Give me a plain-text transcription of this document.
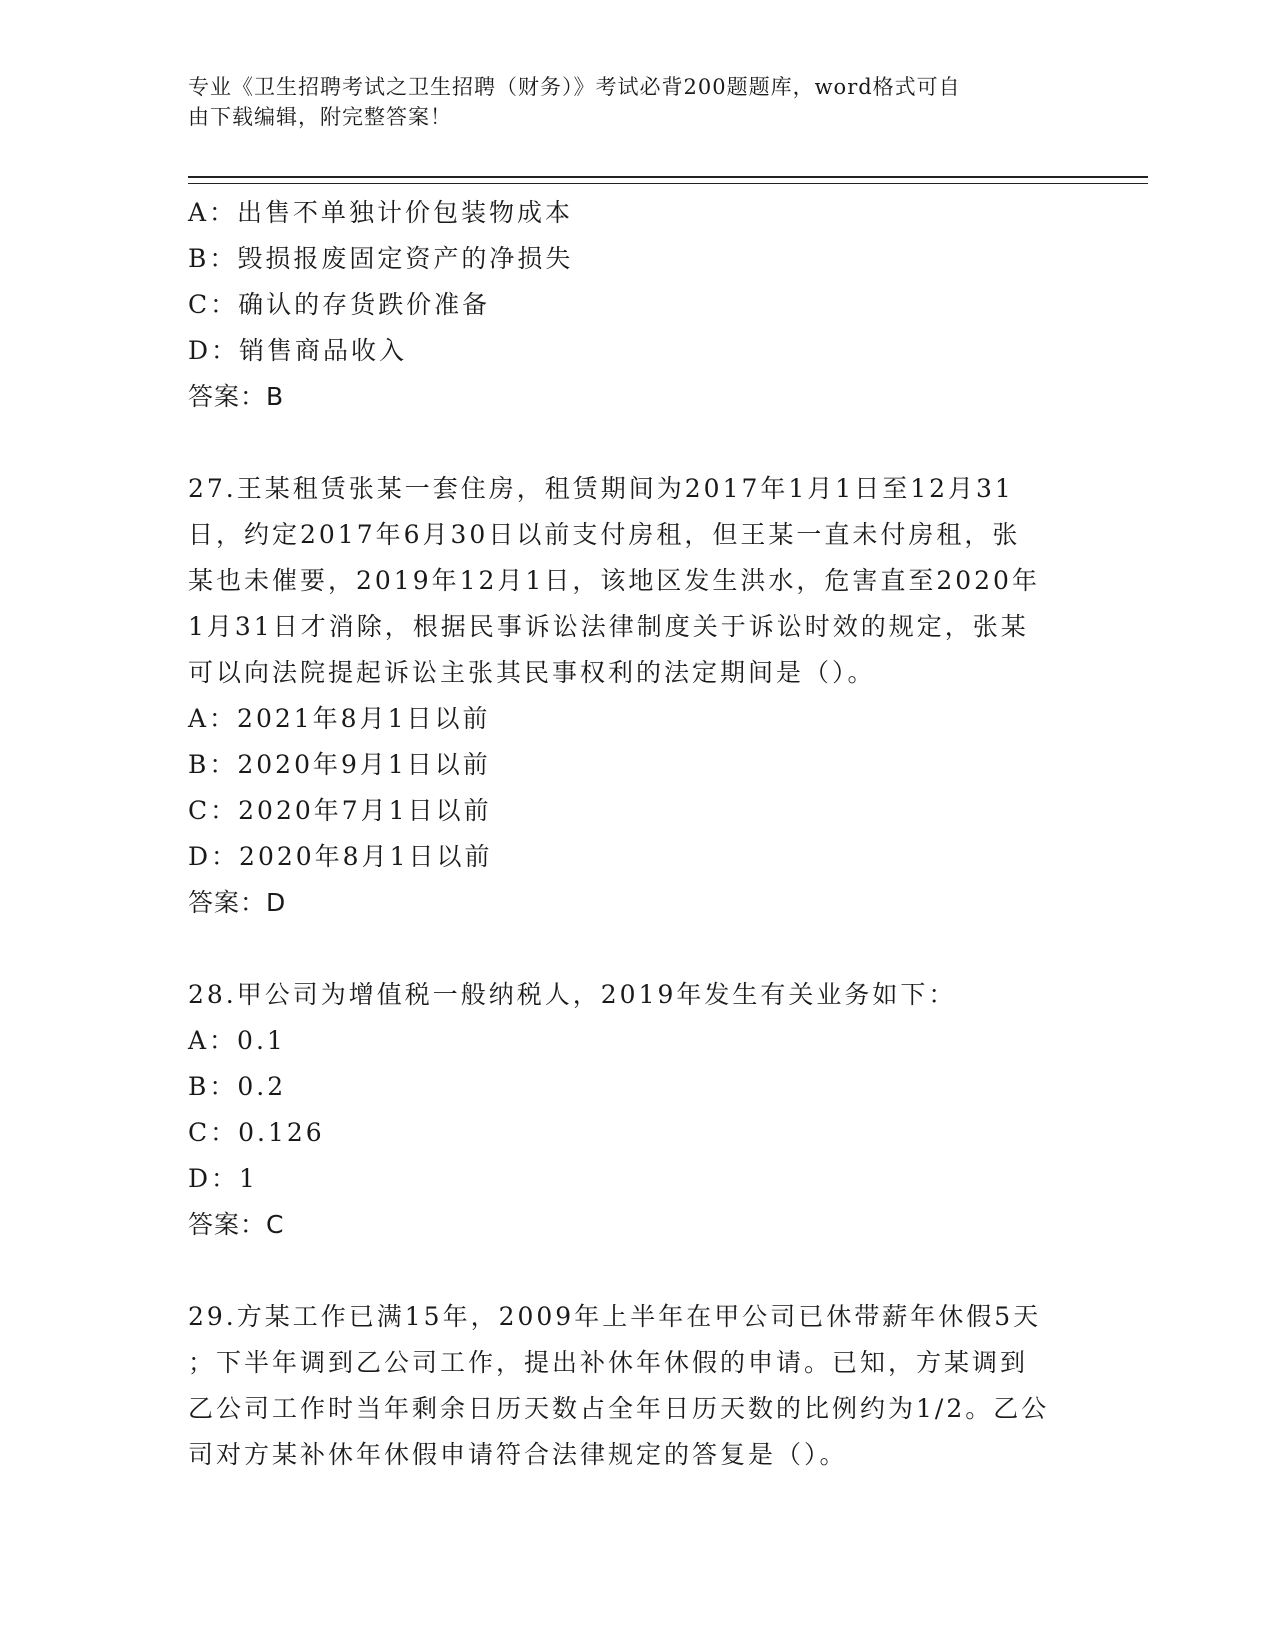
专业《卫生招聘考试之卫生招聘（财务）》考试必背200题题库，word格式可自
由下载编辑，附完整答案！
A：出售不单独计价包装物成本
B：毁损报废固定资产的净损失
C：确认的存货跌价准备
D：销售商品收入
答案：B
27.王某租赁张某一套住房，租赁期间为2017年1月1日至12月31
日，约定2017年6月30日以前支付房租，但王某一直未付房租，张
某也未催要，2019年12月1日，该地区发生洪水，危害直至2020年
1月31日才消除，根据民事诉讼法律制度关于诉讼时效的规定，张某
可以向法院提起诉讼主张其民事权利的法定期间是（）。
A：2021年8月1日以前
B：2020年9月1日以前
C：2020年7月1日以前
D：2020年8月1日以前
答案：D
28.甲公司为增值税一般纳税人，2019年发生有关业务如下：
A：0.1
B：0.2
C：0.126
D：1
答案：C
29.方某工作已满15年，2009年上半年在甲公司已休带薪年休假5天
；下半年调到乙公司工作，提出补休年休假的申请。已知，方某调到
乙公司工作时当年剩余日历天数占全年日历天数的比例约为1/2。乙公
司对方某补休年休假申请符合法律规定的答复是（）。
